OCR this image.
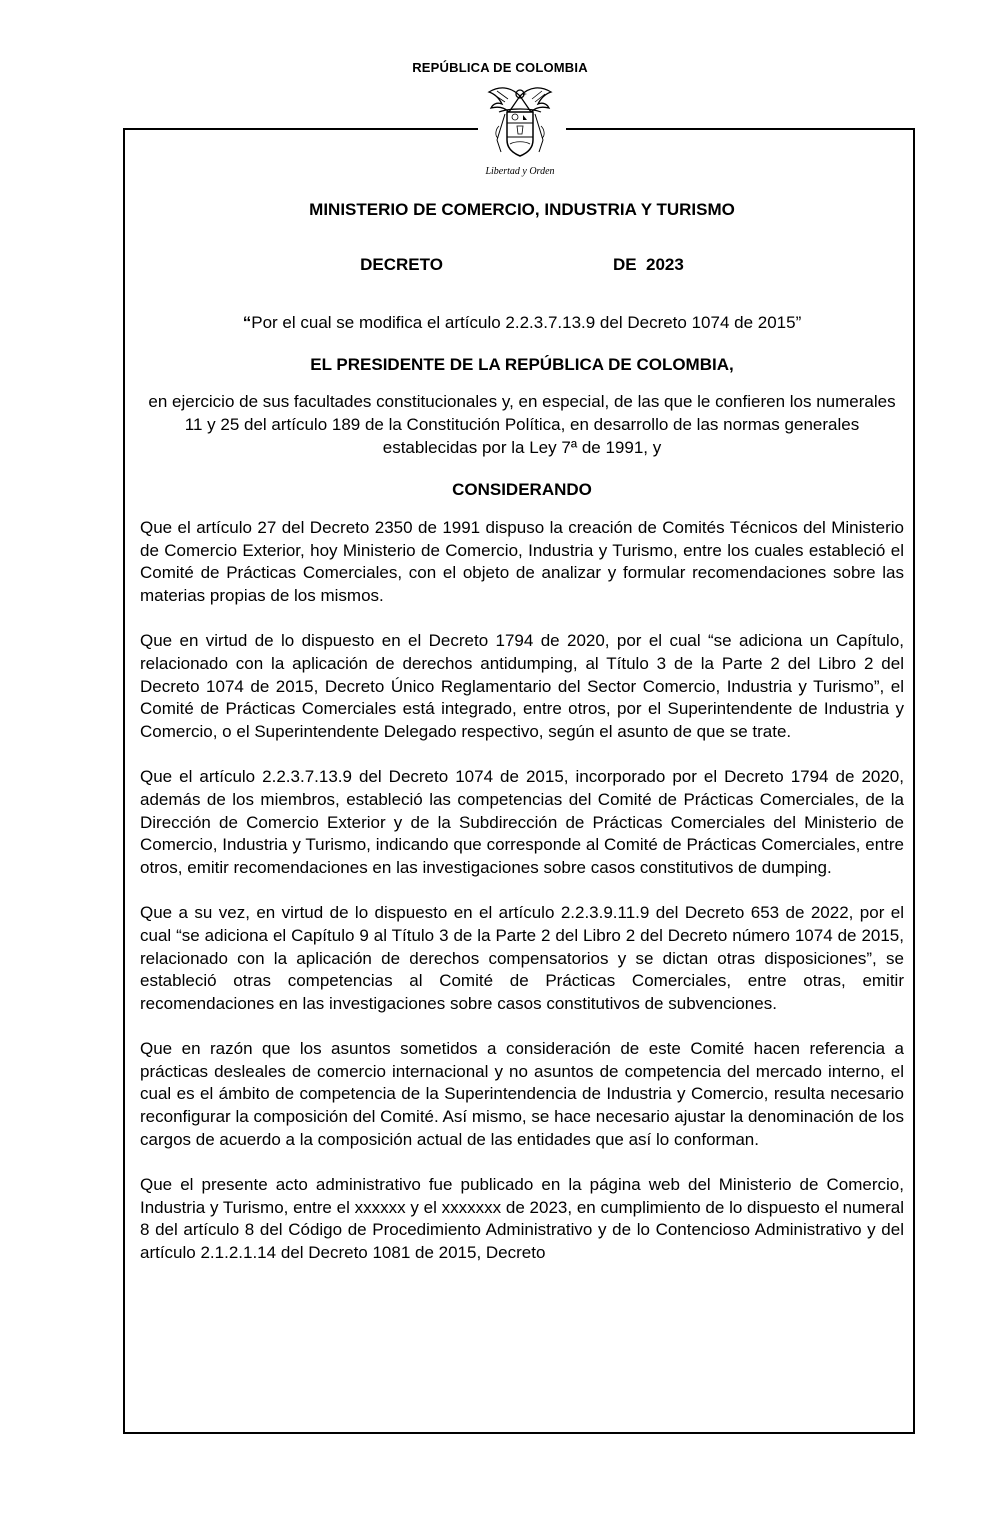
REPÚBLICA DE COLOMBIA
Libertad y Orden
MINISTERIO DE COMERCIO, INDUSTRIA Y TURISMO
DECRETO	DE  2023
“Por el cual se modifica el artículo 2.2.3.7.13.9 del Decreto 1074 de 2015”
EL PRESIDENTE DE LA REPÚBLICA DE COLOMBIA,
en ejercicio de sus facultades constitucionales y, en especial, de las que le confieren los numerales 11 y 25 del artículo 189 de la Constitución Política, en desarrollo de las normas generales establecidas por la Ley 7ª de 1991, y
CONSIDERANDO

Que el artículo 27 del Decreto 2350 de 1991 dispuso la creación de Comités Técnicos del Ministerio de Comercio Exterior, hoy Ministerio de Comercio, Industria y Turismo, entre los cuales estableció el Comité de Prácticas Comerciales, con el objeto de analizar y formular recomendaciones sobre las materias propias de los mismos.

Que en virtud de lo dispuesto en el Decreto 1794 de 2020, por el cual “se adiciona un Capítulo, relacionado con la aplicación de derechos antidumping, al Título 3 de la Parte 2 del Libro 2 del Decreto 1074 de 2015, Decreto Único Reglamentario del Sector Comercio, Industria y Turismo”, el Comité de Prácticas Comerciales está integrado, entre otros, por el Superintendente de Industria y Comercio, o el Superintendente Delegado respectivo, según el asunto de que se trate.

Que el artículo 2.2.3.7.13.9 del Decreto 1074 de 2015, incorporado por el Decreto 1794 de 2020, además de los miembros, estableció las competencias del Comité de Prácticas Comerciales, de la Dirección de Comercio Exterior y de la Subdirección de Prácticas Comerciales del Ministerio de Comercio, Industria y Turismo, indicando que corresponde al Comité de Prácticas Comerciales, entre otros, emitir recomendaciones en las investigaciones sobre casos constitutivos de dumping.

Que a su vez, en virtud de lo dispuesto en el artículo 2.2.3.9.11.9 del Decreto 653 de 2022, por el cual “se adiciona el Capítulo 9 al Título 3 de la Parte 2 del Libro 2 del Decreto número 1074 de 2015, relacionado con la aplicación de derechos compensatorios y se dictan otras disposiciones”, se estableció otras competencias al Comité de Prácticas Comerciales, entre otras, emitir recomendaciones en las investigaciones sobre casos constitutivos de subvenciones.

Que en razón que los asuntos sometidos a consideración de este Comité hacen referencia a prácticas desleales de comercio internacional y no asuntos de competencia del mercado interno, el cual es el ámbito de competencia de la Superintendencia de Industria y Comercio, resulta necesario reconfigurar la composición del Comité. Así mismo, se hace necesario ajustar la denominación de los cargos de acuerdo a la composición actual de las entidades que así lo conforman.

Que el presente acto administrativo fue publicado en la página web del Ministerio de Comercio, Industria y Turismo, entre el xxxxxx y el xxxxxxx de 2023, en cumplimiento de lo dispuesto el numeral 8 del artículo 8 del Código de Procedimiento Administrativo y de lo Contencioso Administrativo y del artículo 2.1.2.1.14 del Decreto 1081 de 2015, Decreto
